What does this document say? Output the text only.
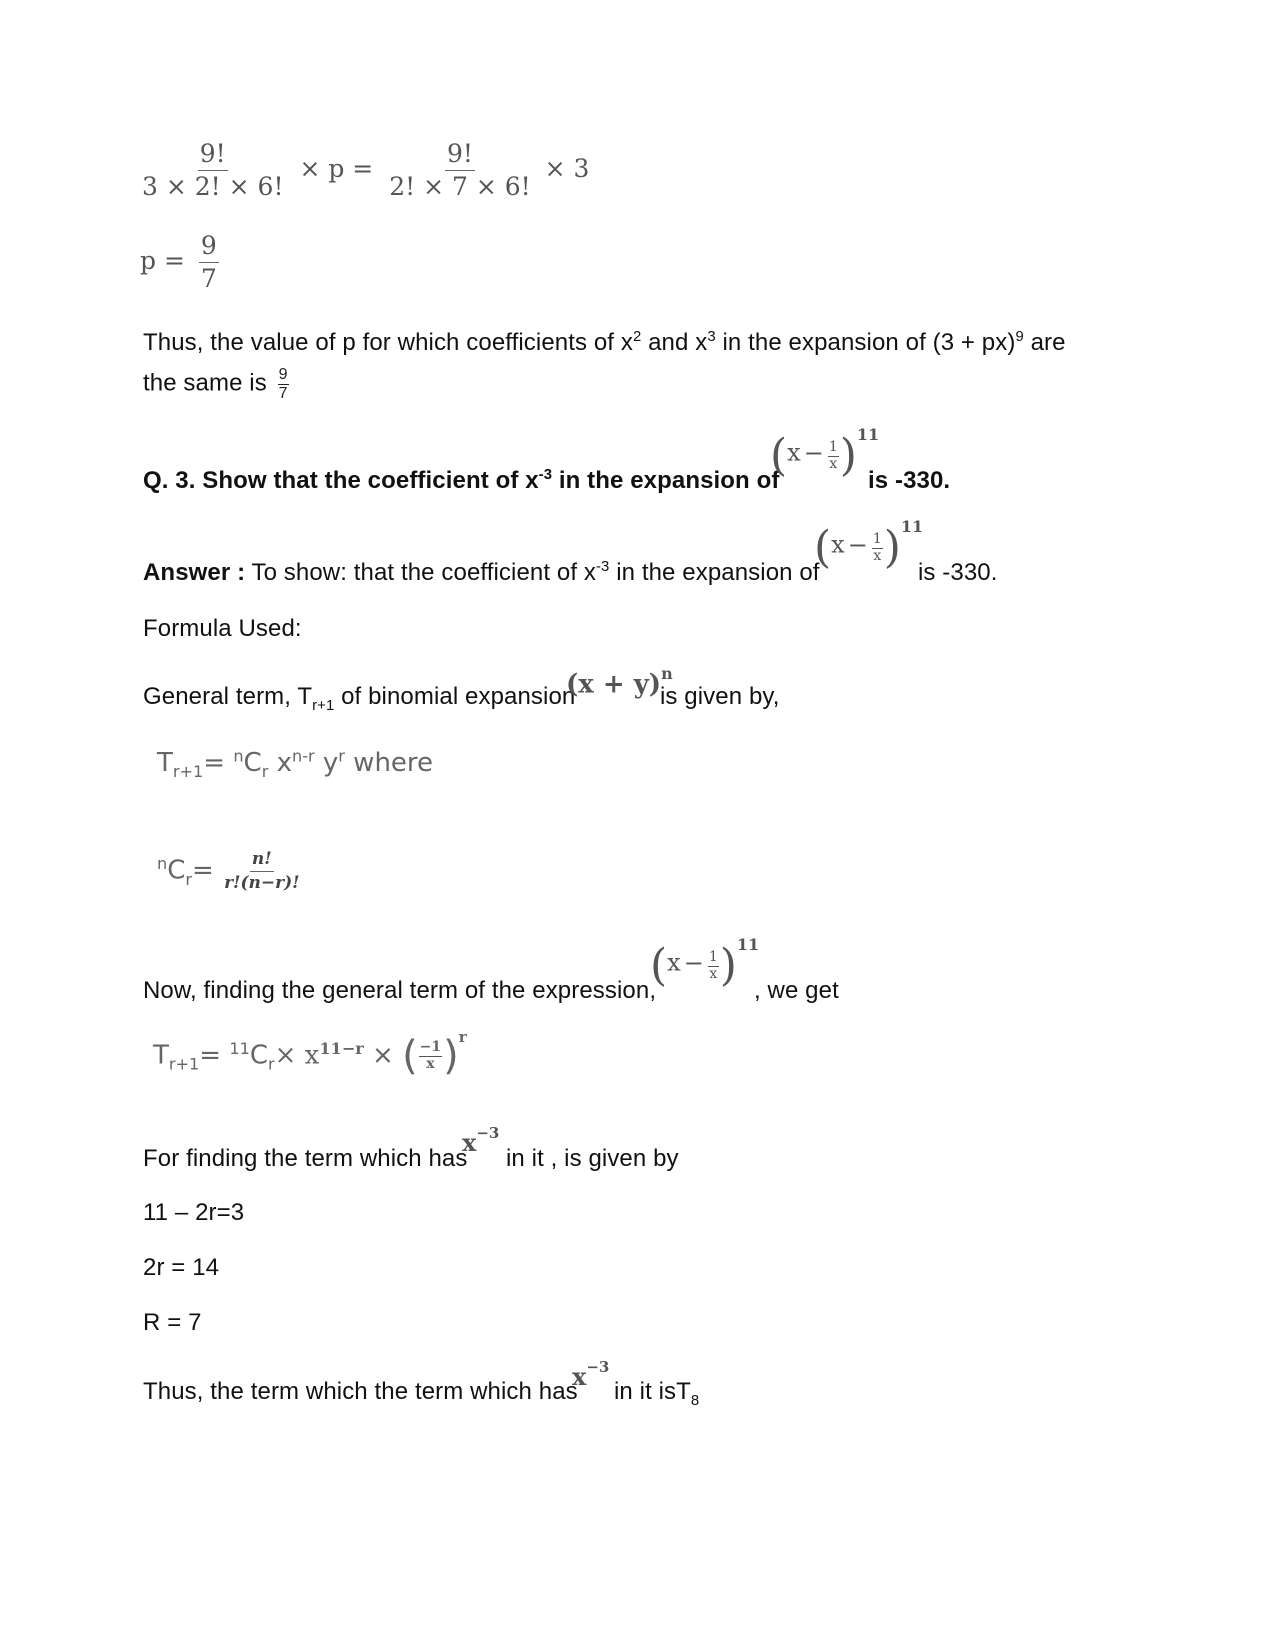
$\frac{9!}{3 \times 2! \times 6!} \times p = \frac{9!}{2! \times 7 \times 6!} \times 3$
$p = \frac{9}{7}$
Thus, the value of p for which coefficients of $x^2$ and $x^3$ in the expansion of (3 + px)$^9$ are
the same is $\frac{9}{7}$
Q. 3. Show that the coefficient of $x^{-3}$ in the expansion of
$(x - \frac{1}{x} )^{11}$
is -330.
Answer : To show: that the coefficient of $x^{-3}$ in the expansion of
$(x - \frac{1}{x} )^{11}$
is -330.
Formula Used:
General term, $T_{r+1}$ of binomial expansion
$(x + y)^n$
is given by,
$T_{r+1}= ^nC_r$ $x^{n-r}$ $y^r$ where
$^nC_r= \frac{n!}{r!(n-r)!}$
Now, finding the general term of the expression,
$(x - \frac{1}{x} )^{11}$
, we get
$T_{r+1}= ^{11}C_r\times x^{11-r}$ × ( $\frac{-1}{x} )^r$
For finding the term which has
$x^{-3}$
in it , is given by
11 – 2r=3
2r = 14
R = 7
Thus, the term which the term which has
$x^{-3}$
in it isT$_8$
